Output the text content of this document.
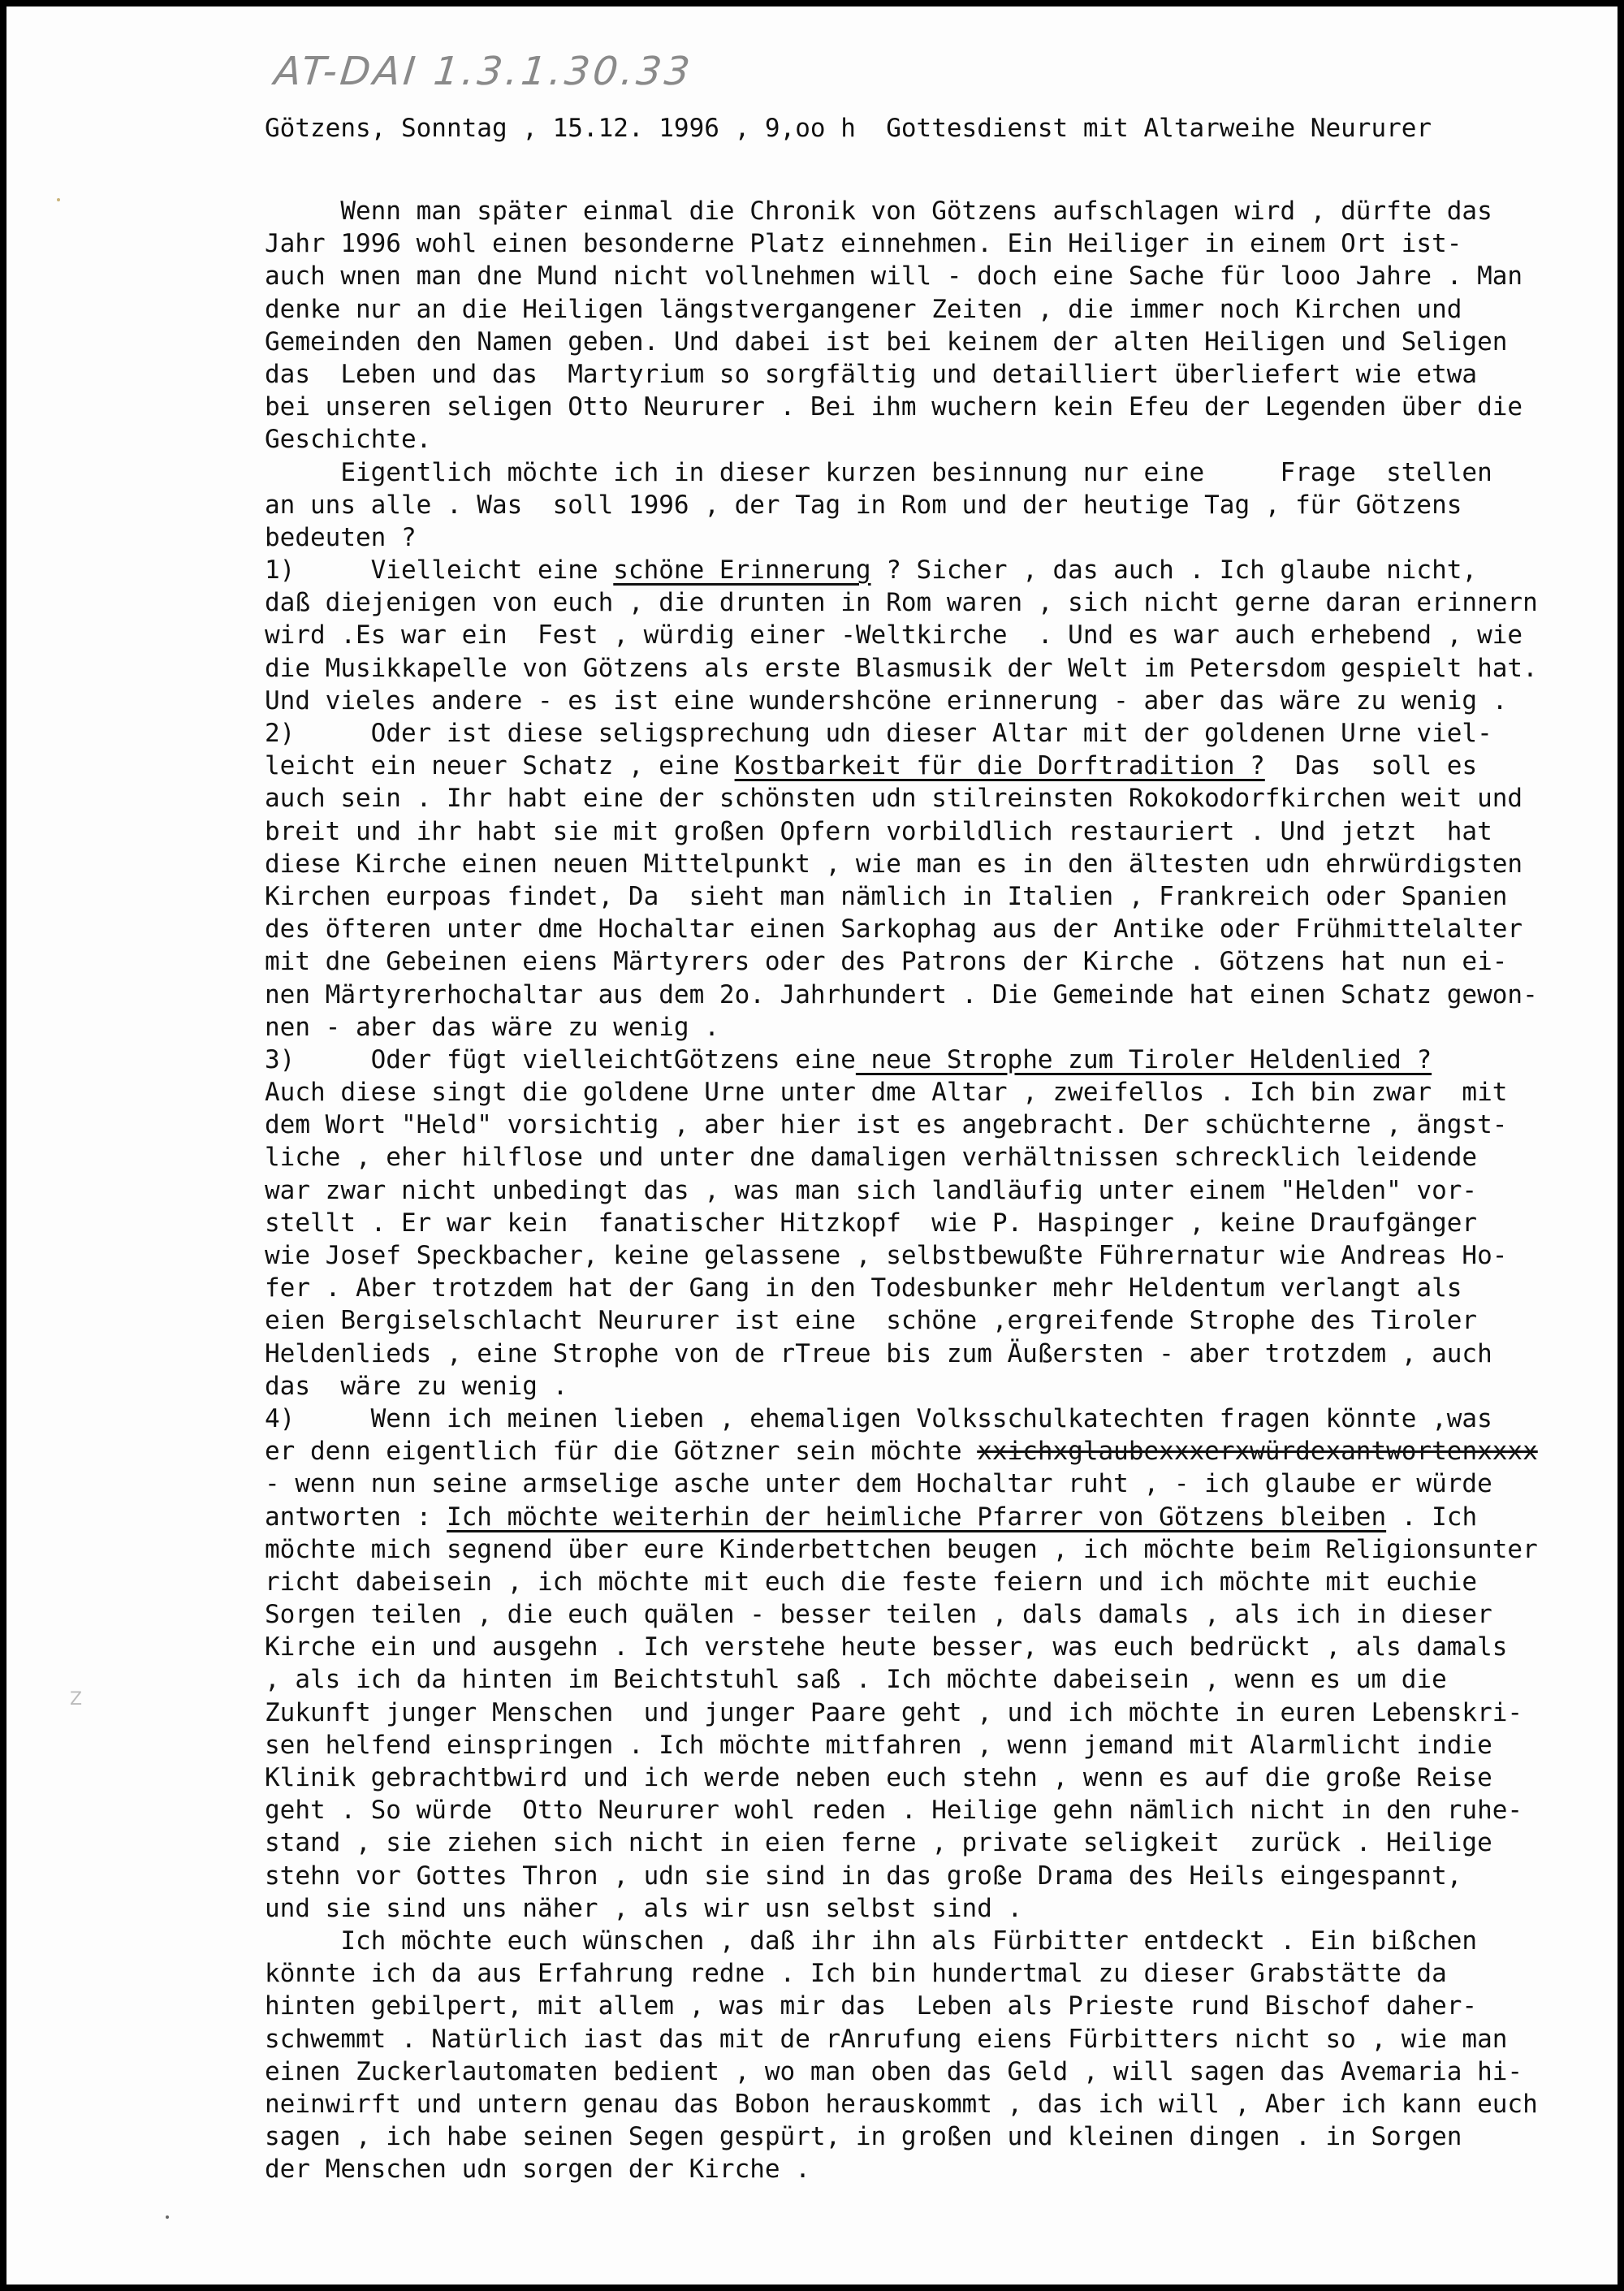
AT-DAI 1.3.1.30.33
Götzens, Sonntag , 15.12. 1996 , 9,oo h  Gottesdienst mit Altarweihe Neururer
Wenn man später einmal die Chronik von Götzens aufschlagen wird , dürfte das
Jahr 1996 wohl einen besonderne Platz einnehmen. Ein Heiliger in einem Ort ist-
auch wnen man dne Mund nicht vollnehmen will - doch eine Sache für looo Jahre . Man
denke nur an die Heiligen längstvergangener Zeiten , die immer noch Kirchen und
Gemeinden den Namen geben. Und dabei ist bei keinem der alten Heiligen und Seligen
das  Leben und das  Martyrium so sorgfältig und detailliert überliefert wie etwa
bei unseren seligen Otto Neururer . Bei ihm wuchern kein Efeu der Legenden über die
Geschichte.
Eigentlich möchte ich in dieser kurzen besinnung nur eine     Frage  stellen
an uns alle . Was  soll 1996 , der Tag in Rom und der heutige Tag , für Götzens
bedeuten ?
1)     Vielleicht eine schöne Erinnerung ? Sicher , das auch . Ich glaube nicht,
daß diejenigen von euch , die drunten in Rom waren , sich nicht gerne daran erinnern
wird .Es war ein  Fest , würdig einer -Weltkirche  . Und es war auch erhebend , wie
die Musikkapelle von Götzens als erste Blasmusik der Welt im Petersdom gespielt hat.
Und vieles andere - es ist eine wundershcöne erinnerung - aber das wäre zu wenig .
2)     Oder ist diese seligsprechung udn dieser Altar mit der goldenen Urne viel-
leicht ein neuer Schatz , eine Kostbarkeit für die Dorftradition ?  Das  soll es
auch sein . Ihr habt eine der schönsten udn stilreinsten Rokokodorfkirchen weit und
breit und ihr habt sie mit großen Opfern vorbildlich restauriert . Und jetzt  hat
diese Kirche einen neuen Mittelpunkt , wie man es in den ältesten udn ehrwürdigsten
Kirchen eurpoas findet, Da  sieht man nämlich in Italien , Frankreich oder Spanien
des öfteren unter dme Hochaltar einen Sarkophag aus der Antike oder Frühmittelalter
mit dne Gebeinen eiens Märtyrers oder des Patrons der Kirche . Götzens hat nun ei-
nen Märtyrerhochaltar aus dem 2o. Jahrhundert . Die Gemeinde hat einen Schatz gewon-
nen - aber das wäre zu wenig .
3)     Oder fügt vielleichtGötzens eine neue Strophe zum Tiroler Heldenlied ?
Auch diese singt die goldene Urne unter dme Altar , zweifellos . Ich bin zwar  mit
dem Wort "Held" vorsichtig , aber hier ist es angebracht. Der schüchterne , ängst-
liche , eher hilflose und unter dne damaligen verhältnissen schrecklich leidende
war zwar nicht unbedingt das , was man sich landläufig unter einem "Helden" vor-
stellt . Er war kein  fanatischer Hitzkopf  wie P. Haspinger , keine Draufgänger
wie Josef Speckbacher, keine gelassene , selbstbewußte Führernatur wie Andreas Ho-
fer . Aber trotzdem hat der Gang in den Todesbunker mehr Heldentum verlangt als
eien Bergiselschlacht Neururer ist eine  schöne ,ergreifende Strophe des Tiroler
Heldenlieds , eine Strophe von de rTreue bis zum Äußersten - aber trotzdem , auch
das  wäre zu wenig .
4)     Wenn ich meinen lieben , ehemaligen Volksschulkatechten fragen könnte ,was
er denn eigentlich für die Götzner sein möchte xxichxglaubexxxerxwürdexantwortenxxxx
- wenn nun seine armselige asche unter dem Hochaltar ruht , - ich glaube er würde
antworten : Ich möchte weiterhin der heimliche Pfarrer von Götzens bleiben . Ich
möchte mich segnend über eure Kinderbettchen beugen , ich möchte beim Religionsunter
richt dabeisein , ich möchte mit euch die feste feiern und ich möchte mit euchie
Sorgen teilen , die euch quälen - besser teilen , dals damals , als ich in dieser
Kirche ein und ausgehn . Ich verstehe heute besser, was euch bedrückt , als damals
, als ich da hinten im Beichtstuhl saß . Ich möchte dabeisein , wenn es um die
Zukunft junger Menschen  und junger Paare geht , und ich möchte in euren Lebenskri-
sen helfend einspringen . Ich möchte mitfahren , wenn jemand mit Alarmlicht indie
Klinik gebrachtbwird und ich werde neben euch stehn , wenn es auf die große Reise
geht . So würde  Otto Neururer wohl reden . Heilige gehn nämlich nicht in den ruhe-
stand , sie ziehen sich nicht in eien ferne , private seligkeit  zurück . Heilige
stehn vor Gottes Thron , udn sie sind in das große Drama des Heils eingespannt,
und sie sind uns näher , als wir usn selbst sind .
Ich möchte euch wünschen , daß ihr ihn als Fürbitter entdeckt . Ein bißchen
könnte ich da aus Erfahrung redne . Ich bin hundertmal zu dieser Grabstätte da
hinten gebilpert, mit allem , was mir das  Leben als Prieste rund Bischof daher-
schwemmt . Natürlich iast das mit de rAnrufung eiens Fürbitters nicht so , wie man
einen Zuckerlautomaten bedient , wo man oben das Geld , will sagen das Avemaria hi-
neinwirft und untern genau das Bobon herauskommt , das ich will , Aber ich kann euch
sagen , ich habe seinen Segen gespürt, in großen und kleinen dingen . in Sorgen
der Menschen udn sorgen der Kirche .
Z
